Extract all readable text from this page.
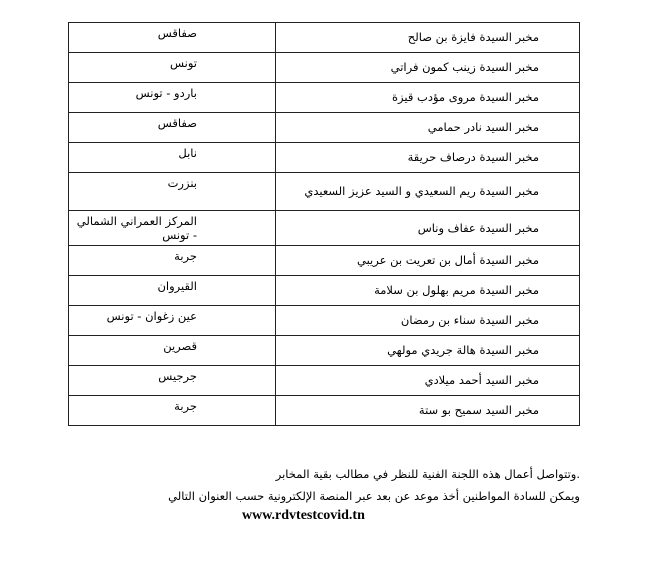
مخبر السيدة فايزة بن صالح	صفاقس
مخبر السيدة زينب كمون فراتي	تونس
مخبر السيدة مروى مؤدب قيزة	باردو - تونس
مخبر السيد نادر حمامي	صفاقس
مخبر السيدة درصاف حريقة	نابل
مخبر السيدة ريم السعيدي و السيد عزيز السعيدي	بنزرت
مخبر السيدة عفاف وناس	المركز العمراني الشمالي - تونس
مخبر السيدة أمال بن تعريت بن عريبي	جربة
مخبر السيدة مريم بهلول بن سلامة	القيروان
مخبر السيدة سناء بن رمضان	عين زغوان - تونس
مخبر السيدة هالة جريدي مولهي	قصرين
مخبر السيد أحمد ميلادي	جرجيس
مخبر السيد سميح بو ستة	جربة
.وتتواصل أعمال هذه اللجنة الفنية للنظر في مطالب بقية المخابر
ويمكن للسادة المواطنين أخذ موعد عن بعد عبر المنصة الإلكترونية حسب العنوان التالي
www.rdvtestcovid.tn
